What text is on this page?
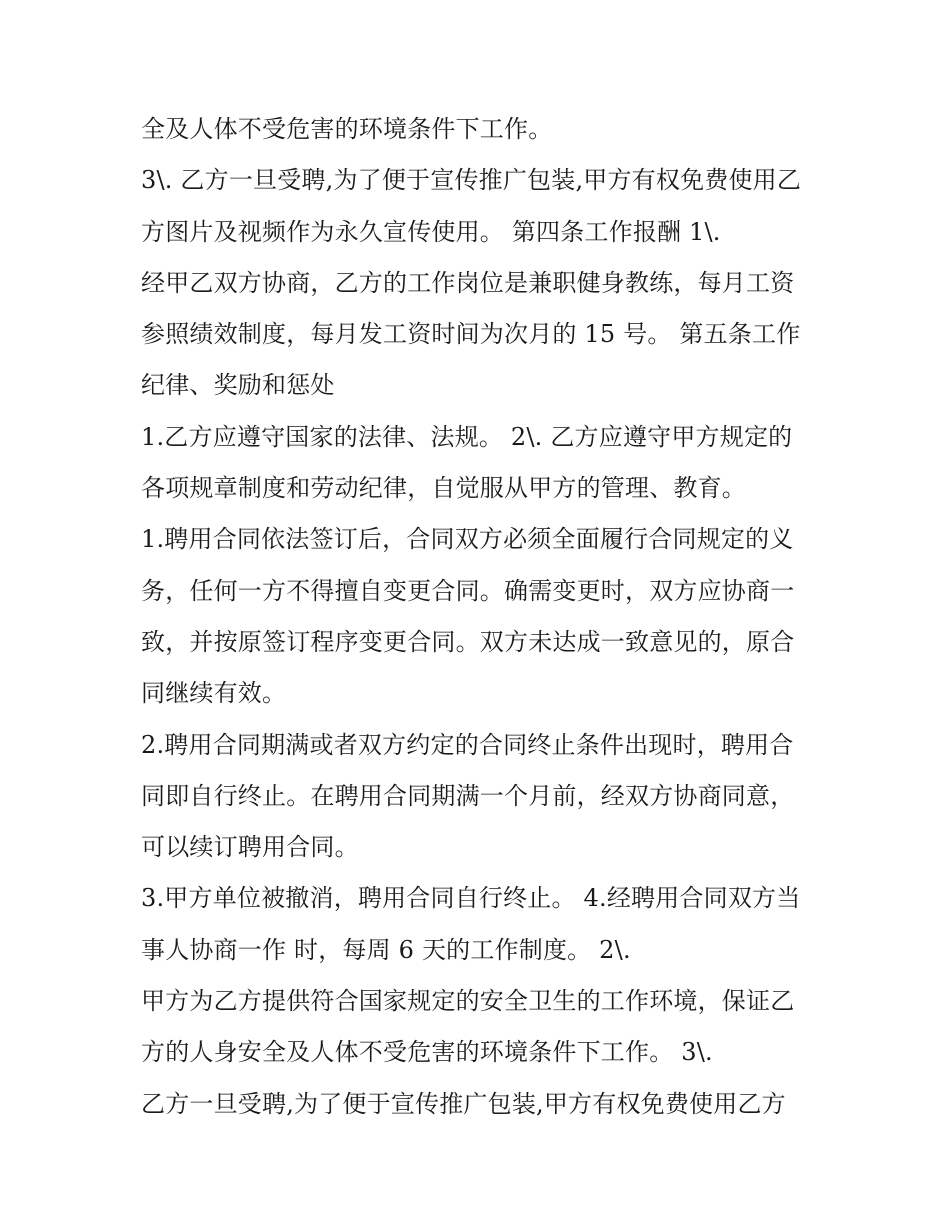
全及人体不受危害的环境条件下工作。
3\. 乙方一旦受聘,为了便于宣传推广包装,甲方有权免费使用乙
方图片及视频作为永久宣传使用。 第四条工作报酬 1\.
经甲乙双方协商，乙方的工作岗位是兼职健身教练，每月工资
参照绩效制度，每月发工资时间为次月的 15 号。 第五条工作
纪律、奖励和惩处
1.乙方应遵守国家的法律、法规。 2\. 乙方应遵守甲方规定的
各项规章制度和劳动纪律，自觉服从甲方的管理、教育。
1.聘用合同依法签订后，合同双方必须全面履行合同规定的义
务，任何一方不得擅自变更合同。确需变更时，双方应协商一
致，并按原签订程序变更合同。双方未达成一致意见的，原合
同继续有效。
2.聘用合同期满或者双方约定的合同终止条件出现时，聘用合
同即自行终止。在聘用合同期满一个月前，经双方协商同意，
可以续订聘用合同。
3.甲方单位被撤消，聘用合同自行终止。 4.经聘用合同双方当
事人协商一作 时，每周 6 天的工作制度。 2\.
甲方为乙方提供符合国家规定的安全卫生的工作环境，保证乙
方的人身安全及人体不受危害的环境条件下工作。 3\.
乙方一旦受聘,为了便于宣传推广包装,甲方有权免费使用乙方
